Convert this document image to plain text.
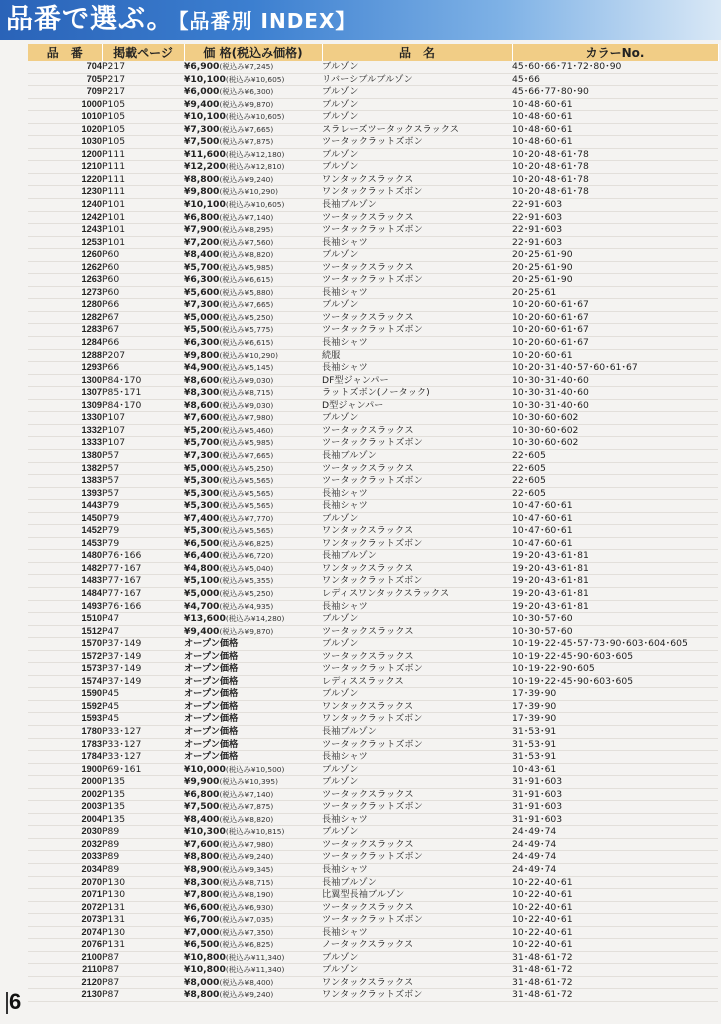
品番で選ぶ。 【品番別 INDEX】
品　番	掲載ページ	価 格(税込み価格)	品　名	カラーNo.
704	P217	¥6,900(税込み¥7,245)	ブルゾン	45･60･66･71･72･80･90
705	P217	¥10,100(税込み¥10,605)	リバーシブルブルゾン	45･66
709	P217	¥6,000(税込み¥6,300)	ブルゾン	45･66･77･80･90
1000	P105	¥9,400(税込み¥9,870)	ブルゾン	10･48･60･61
1010	P105	¥10,100(税込み¥10,605)	ブルゾン	10･48･60･61
1020	P105	¥7,300(税込み¥7,665)	スラレーズツータックスラックス	10･48･60･61
1030	P105	¥7,500(税込み¥7,875)	ツータックラットズボン	10･48･60･61
1200	P111	¥11,600(税込み¥12,180)	ブルゾン	10･20･48･61･78
1210	P111	¥12,200(税込み¥12,810)	ブルゾン	10･20･48･61･78
1220	P111	¥8,800(税込み¥9,240)	ワンタックスラックス	10･20･48･61･78
1230	P111	¥9,800(税込み¥10,290)	ワンタックラットズボン	10･20･48･61･78
1240	P101	¥10,100(税込み¥10,605)	長袖ブルゾン	22･91･603
1242	P101	¥6,800(税込み¥7,140)	ツータックスラックス	22･91･603
1243	P101	¥7,900(税込み¥8,295)	ツータックラットズボン	22･91･603
1253	P101	¥7,200(税込み¥7,560)	長袖シャツ	22･91･603
1260	P60	¥8,400(税込み¥8,820)	ブルゾン	20･25･61･90
1262	P60	¥5,700(税込み¥5,985)	ツータックスラックス	20･25･61･90
1263	P60	¥6,300(税込み¥6,615)	ツータックラットズボン	20･25･61･90
1273	P60	¥5,600(税込み¥5,880)	長袖シャツ	20･25･61
1280	P66	¥7,300(税込み¥7,665)	ブルゾン	10･20･60･61･67
1282	P67	¥5,000(税込み¥5,250)	ツータックスラックス	10･20･60･61･67
1283	P67	¥5,500(税込み¥5,775)	ツータックラットズボン	10･20･60･61･67
1284	P66	¥6,300(税込み¥6,615)	長袖シャツ	10･20･60･61･67
1288	P207	¥9,800(税込み¥10,290)	続服	10･20･60･61
1293	P66	¥4,900(税込み¥5,145)	長袖シャツ	10･20･31･40･57･60･61･67
1300	P84･170	¥8,600(税込み¥9,030)	DF型ジャンパー	10･30･31･40･60
1307	P85･171	¥8,300(税込み¥8,715)	ラットズボン(ノータック)	10･30･31･40･60
1309	P84･170	¥8,600(税込み¥9,030)	D型ジャンパー	10･30･31･40･60
1330	P107	¥7,600(税込み¥7,980)	ブルゾン	10･30･60･602
1332	P107	¥5,200(税込み¥5,460)	ツータックスラックス	10･30･60･602
1333	P107	¥5,700(税込み¥5,985)	ツータックラットズボン	10･30･60･602
1380	P57	¥7,300(税込み¥7,665)	長袖ブルゾン	22･605
1382	P57	¥5,000(税込み¥5,250)	ツータックスラックス	22･605
1383	P57	¥5,300(税込み¥5,565)	ツータックラットズボン	22･605
1393	P57	¥5,300(税込み¥5,565)	長袖シャツ	22･605
1443	P79	¥5,300(税込み¥5,565)	長袖シャツ	10･47･60･61
1450	P79	¥7,400(税込み¥7,770)	ブルゾン	10･47･60･61
1452	P79	¥5,300(税込み¥5,565)	ワンタックスラックス	10･47･60･61
1453	P79	¥6,500(税込み¥6,825)	ワンタックラットズボン	10･47･60･61
1480	P76･166	¥6,400(税込み¥6,720)	長袖ブルゾン	19･20･43･61･81
1482	P77･167	¥4,800(税込み¥5,040)	ワンタックスラックス	19･20･43･61･81
1483	P77･167	¥5,100(税込み¥5,355)	ワンタックラットズボン	19･20･43･61･81
1484	P77･167	¥5,000(税込み¥5,250)	レディスワンタックスラックス	19･20･43･61･81
1493	P76･166	¥4,700(税込み¥4,935)	長袖シャツ	19･20･43･61･81
1510	P47	¥13,600(税込み¥14,280)	ブルゾン	10･30･57･60
1512	P47	¥9,400(税込み¥9,870)	ツータックスラックス	10･30･57･60
1570	P37･149	オープン価格	ブルゾン	10･19･22･45･57･73･90･603･604･605
1572	P37･149	オープン価格	ツータックスラックス	10･19･22･45･90･603･605
1573	P37･149	オープン価格	ツータックラットズボン	10･19･22･90･605
1574	P37･149	オープン価格	レディススラックス	10･19･22･45･90･603･605
1590	P45	オープン価格	ブルゾン	17･39･90
1592	P45	オープン価格	ワンタックスラックス	17･39･90
1593	P45	オープン価格	ワンタックラットズボン	17･39･90
1780	P33･127	オープン価格	長袖ブルゾン	31･53･91
1783	P33･127	オープン価格	ツータックラットズボン	31･53･91
1784	P33･127	オープン価格	長袖シャツ	31･53･91
1900	P69･161	¥10,000(税込み¥10,500)	ブルゾン	10･43･61
2000	P135	¥9,900(税込み¥10,395)	ブルゾン	31･91･603
2002	P135	¥6,800(税込み¥7,140)	ツータックスラックス	31･91･603
2003	P135	¥7,500(税込み¥7,875)	ツータックラットズボン	31･91･603
2004	P135	¥8,400(税込み¥8,820)	長袖シャツ	31･91･603
2030	P89	¥10,300(税込み¥10,815)	ブルゾン	24･49･74
2032	P89	¥7,600(税込み¥7,980)	ツータックスラックス	24･49･74
2033	P89	¥8,800(税込み¥9,240)	ツータックラットズボン	24･49･74
2034	P89	¥8,900(税込み¥9,345)	長袖シャツ	24･49･74
2070	P130	¥8,300(税込み¥8,715)	長袖ブルゾン	10･22･40･61
2071	P130	¥7,800(税込み¥8,190)	比翼型長袖ブルゾン	10･22･40･61
2072	P131	¥6,600(税込み¥6,930)	ツータックスラックス	10･22･40･61
2073	P131	¥6,700(税込み¥7,035)	ツータックラットズボン	10･22･40･61
2074	P130	¥7,000(税込み¥7,350)	長袖シャツ	10･22･40･61
2076	P131	¥6,500(税込み¥6,825)	ノータックスラックス	10･22･40･61
2100	P87	¥10,800(税込み¥11,340)	ブルゾン	31･48･61･72
2110	P87	¥10,800(税込み¥11,340)	ブルゾン	31･48･61･72
2120	P87	¥8,000(税込み¥8,400)	ワンタックスラックス	31･48･61･72
2130	P87	¥8,800(税込み¥9,240)	ワンタックラットズボン	31･48･61･72
6
